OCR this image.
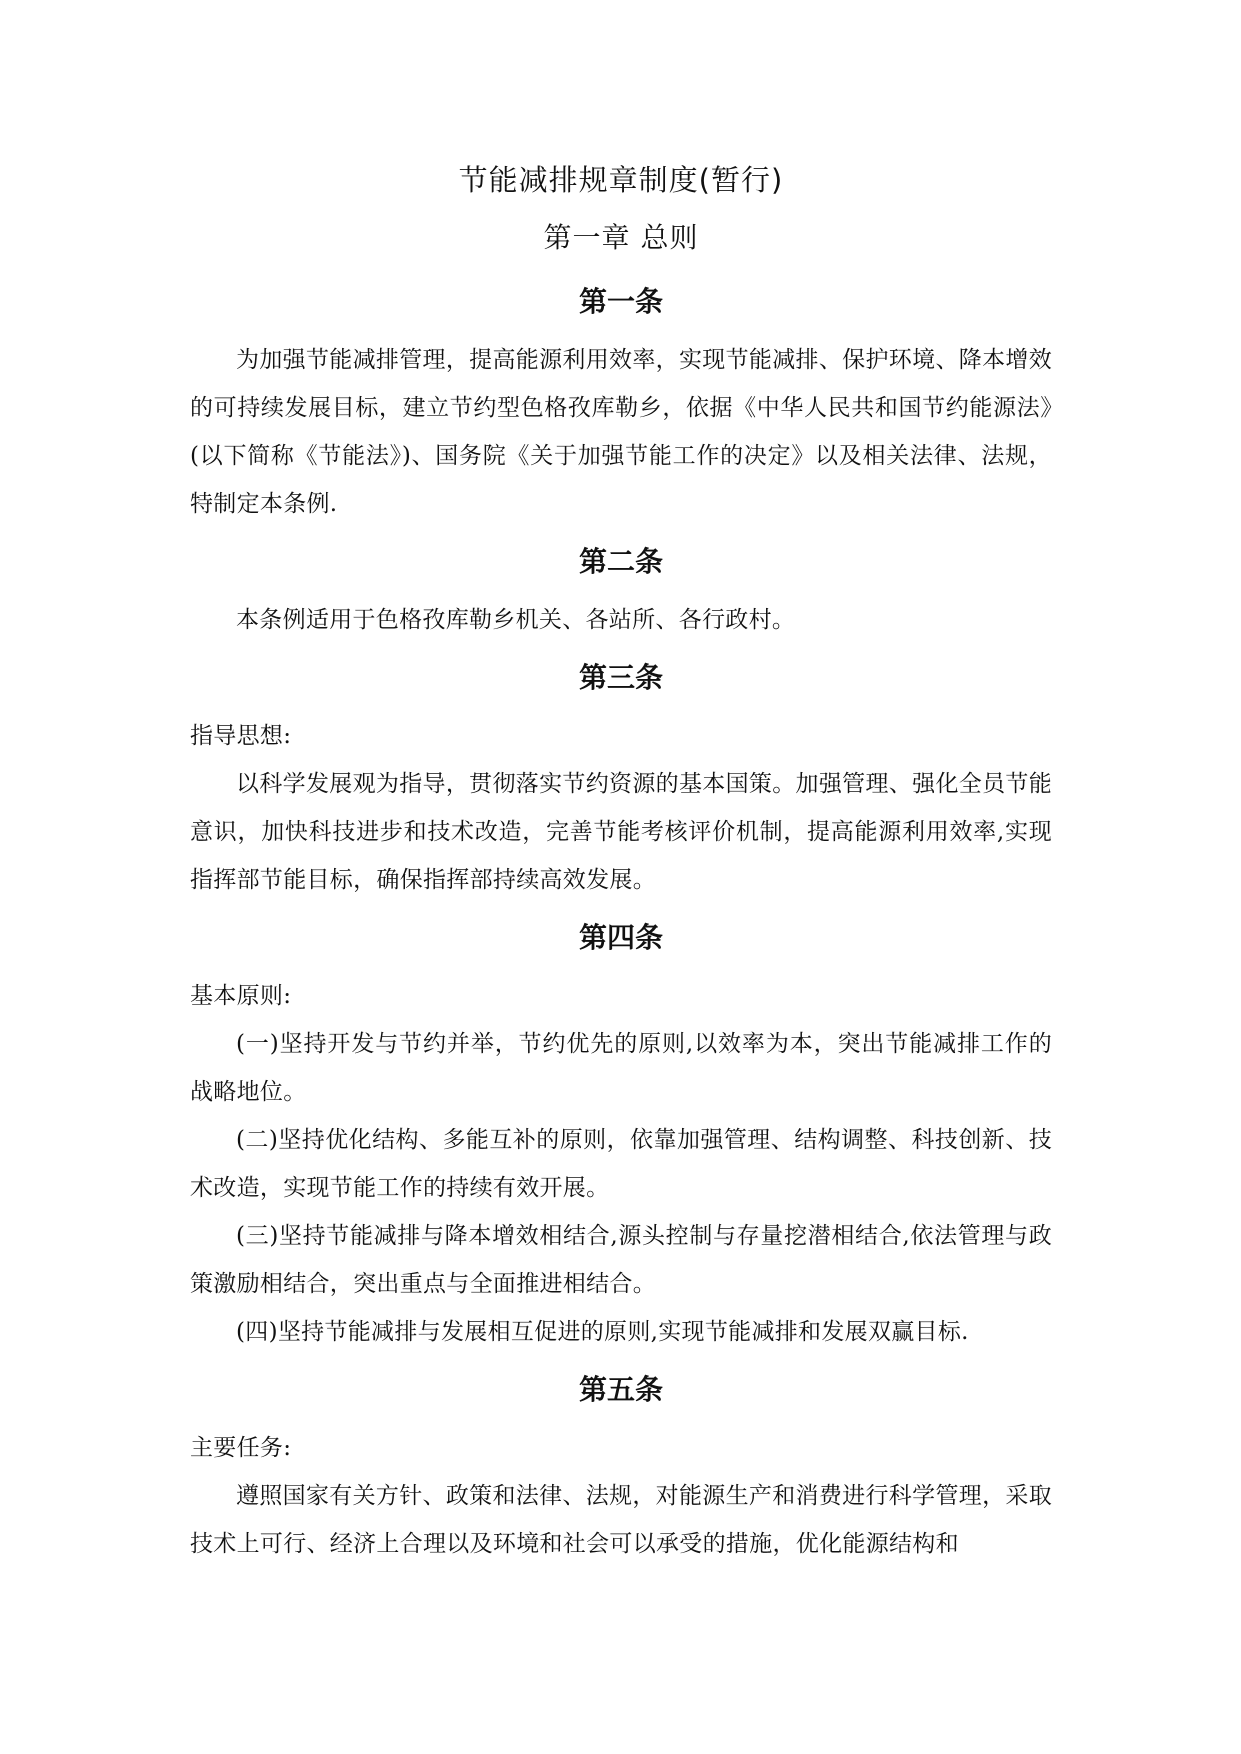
节能减排规章制度(暂行)
第一章 总则
第一条

为加强节能减排管理，提高能源利用效率，实现节能减排、保护环境、降本增效的可持续发展目标，建立节约型色格孜库勒乡，依据《中华人民共和国节约能源法》(以下简称《节能法》)、国务院《关于加强节能工作的决定》以及相关法律、法规，特制定本条例.

第二条

本条例适用于色格孜库勒乡机关、各站所、各行政村。

第三条

指导思想:

以科学发展观为指导，贯彻落实节约资源的基本国策。加强管理、强化全员节能意识，加快科技进步和技术改造，完善节能考核评价机制，提高能源利用效率,实现指挥部节能目标，确保指挥部持续高效发展。

第四条

基本原则:

(一)坚持开发与节约并举，节约优先的原则,以效率为本，突出节能减排工作的战略地位。

(二)坚持优化结构、多能互补的原则，依靠加强管理、结构调整、科技创新、技术改造，实现节能工作的持续有效开展。

(三)坚持节能减排与降本增效相结合,源头控制与存量挖潜相结合,依法管理与政策激励相结合，突出重点与全面推进相结合。

(四)坚持节能减排与发展相互促进的原则,实现节能减排和发展双赢目标.

第五条

主要任务:

遵照国家有关方针、政策和法律、法规，对能源生产和消费进行科学管理，采取技术上可行、经济上合理以及环境和社会可以承受的措施，优化能源结构和
